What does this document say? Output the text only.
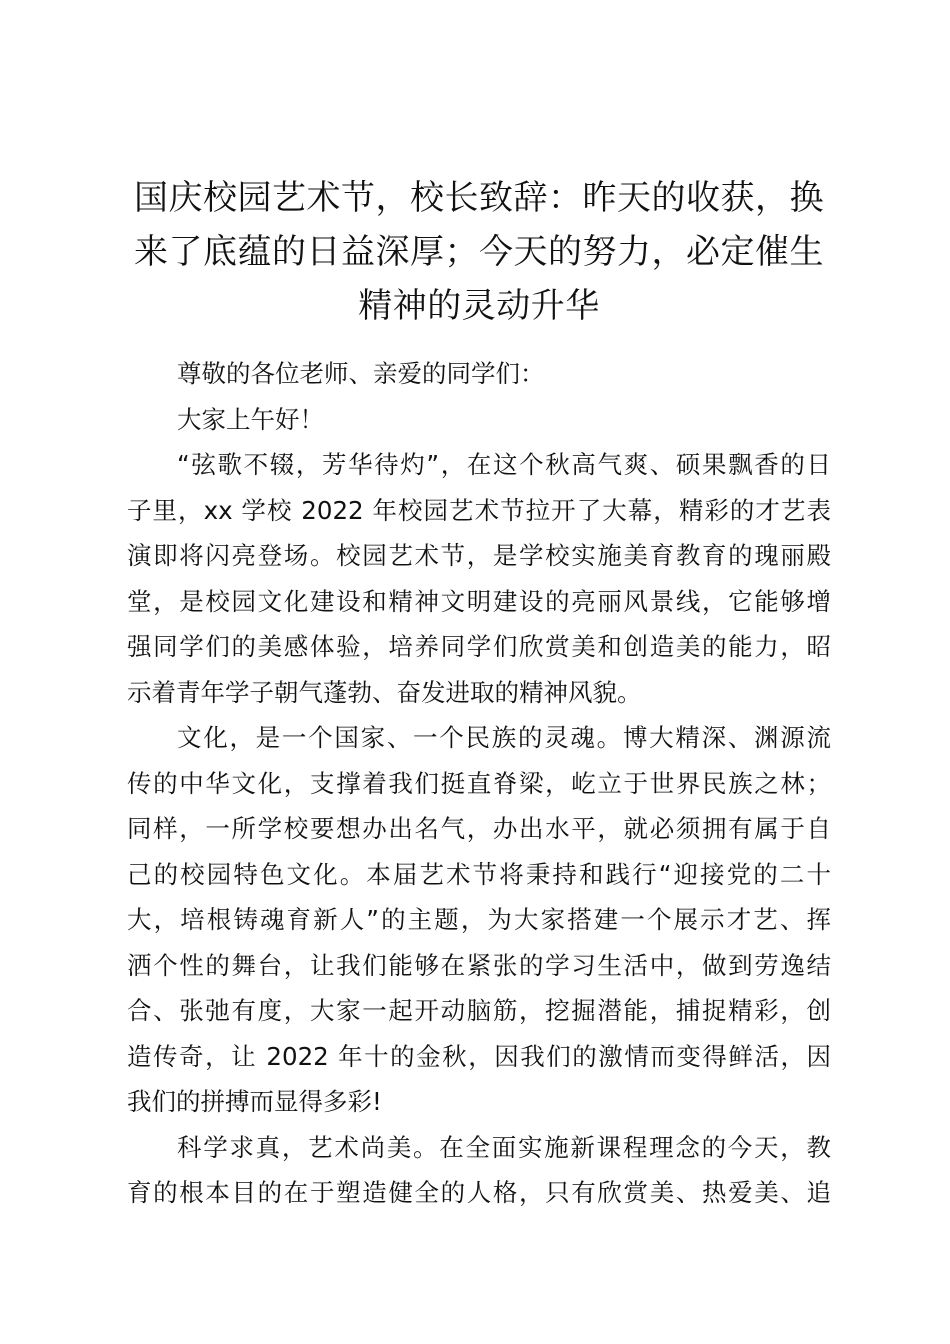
国庆校园艺术节，校长致辞：昨天的收获，换
来了底蕴的日益深厚；今天的努力，必定催生
精神的灵动升华
尊敬的各位老师、亲爱的同学们：
大家上午好！
“弦歌不辍，芳华待灼”，在这个秋高气爽、硕果飘香的日
子里，xx 学校 2022 年校园艺术节拉开了大幕，精彩的才艺表
演即将闪亮登场。校园艺术节，是学校实施美育教育的瑰丽殿
堂，是校园文化建设和精神文明建设的亮丽风景线，它能够增
强同学们的美感体验，培养同学们欣赏美和创造美的能力，昭
示着青年学子朝气蓬勃、奋发进取的精神风貌。
文化，是一个国家、一个民族的灵魂。博大精深、渊源流
传的中华文化，支撑着我们挺直脊梁，屹立于世界民族之林；
同样，一所学校要想办出名气，办出水平，就必须拥有属于自
己的校园特色文化。本届艺术节将秉持和践行“迎接党的二十
大，培根铸魂育新人”的主题，为大家搭建一个展示才艺、挥
洒个性的舞台，让我们能够在紧张的学习生活中，做到劳逸结
合、张弛有度，大家一起开动脑筋，挖掘潜能，捕捉精彩，创
造传奇，让 2022 年十的金秋，因我们的激情而变得鲜活，因
我们的拼搏而显得多彩!
科学求真，艺术尚美。在全面实施新课程理念的今天，教
育的根本目的在于塑造健全的人格，只有欣赏美、热爱美、追
